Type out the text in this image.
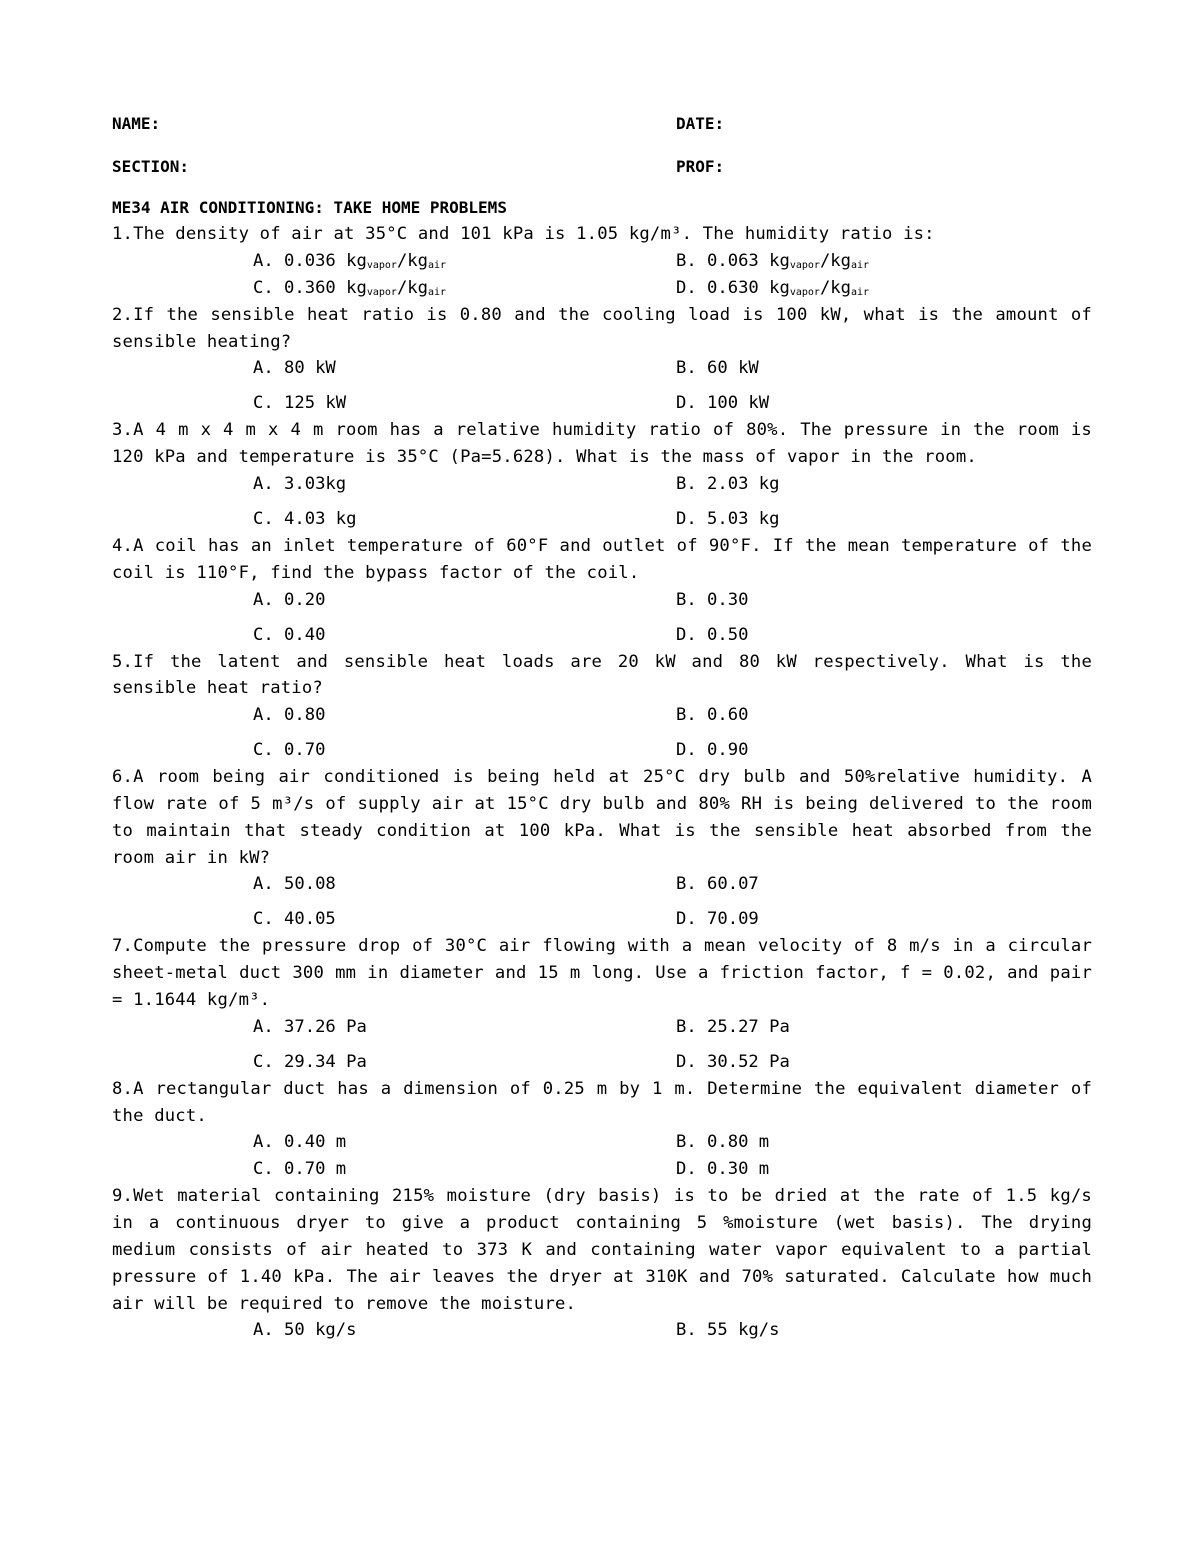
NAME:	DATE:
SECTION:	PROF:
ME34 AIR CONDITIONING: TAKE HOME PROBLEMS
1.The density of air at 35°C and 101 kPa is 1.05 kg/m³. The humidity ratio is:
A. 0.036 $kg_{vapor}/kg_{air}$	B. 0.063 $kg_{vapor}/kg_{air}$
C. 0.360 $kg_{vapor}/kg_{air}$	D. 0.630 $kg_{vapor}/kg_{air}$
2.If the sensible heat ratio is 0.80 and the cooling load is 100 kW, what is the amount of sensible heating?
A. 80 kW	B. 60 kW
C. 125 kW	D. 100 kW
3.A 4 m x 4 m x 4 m room has a relative humidity ratio of 80%. The pressure in the room is 120 kPa and temperature is 35°C (Pa=5.628). What is the mass of vapor in the room.
A. 3.03kg	B. 2.03 kg
C. 4.03 kg	D. 5.03 kg
4.A coil has an inlet temperature of 60°F and outlet of 90°F. If the mean temperature of the coil is 110°F, find the bypass factor of the coil.
A. 0.20	B. 0.30
C. 0.40	D. 0.50
5.If the latent and sensible heat loads are 20 kW and 80 kW respectively. What is the sensible heat ratio?
A. 0.80	B. 0.60
C. 0.70	D. 0.90
6.A room being air conditioned is being held at 25°C dry bulb and 50%relative humidity. A flow rate of 5 m³/s of supply air at 15°C dry bulb and 80% RH is being delivered to the room to maintain that steady condition at 100 kPa. What is the sensible heat absorbed from the room air in kW?
A. 50.08	B. 60.07
C. 40.05	D. 70.09
7.Compute the pressure drop of 30°C air flowing with a mean velocity of 8 m/s in a circular sheet-metal duct 300 mm in diameter and 15 m long. Use a friction factor, f = 0.02, and pair = 1.1644 kg/m³.
A. 37.26 Pa	B. 25.27 Pa
C. 29.34 Pa	D. 30.52 Pa
8.A rectangular duct has a dimension of 0.25 m by 1 m. Determine the equivalent diameter of the duct.
A. 0.40 m	B. 0.80 m
C. 0.70 m	D. 0.30 m
9.Wet material containing 215% moisture (dry basis) is to be dried at the rate of 1.5 kg/s in a continuous dryer to give a product containing 5 %moisture (wet basis). The drying medium consists of air heated to 373 K and containing water vapor equivalent to a partial pressure of 1.40 kPa. The air leaves the dryer at 310K and 70% saturated. Calculate how much air will be required to remove the moisture.
A. 50 kg/s	B. 55 kg/s
